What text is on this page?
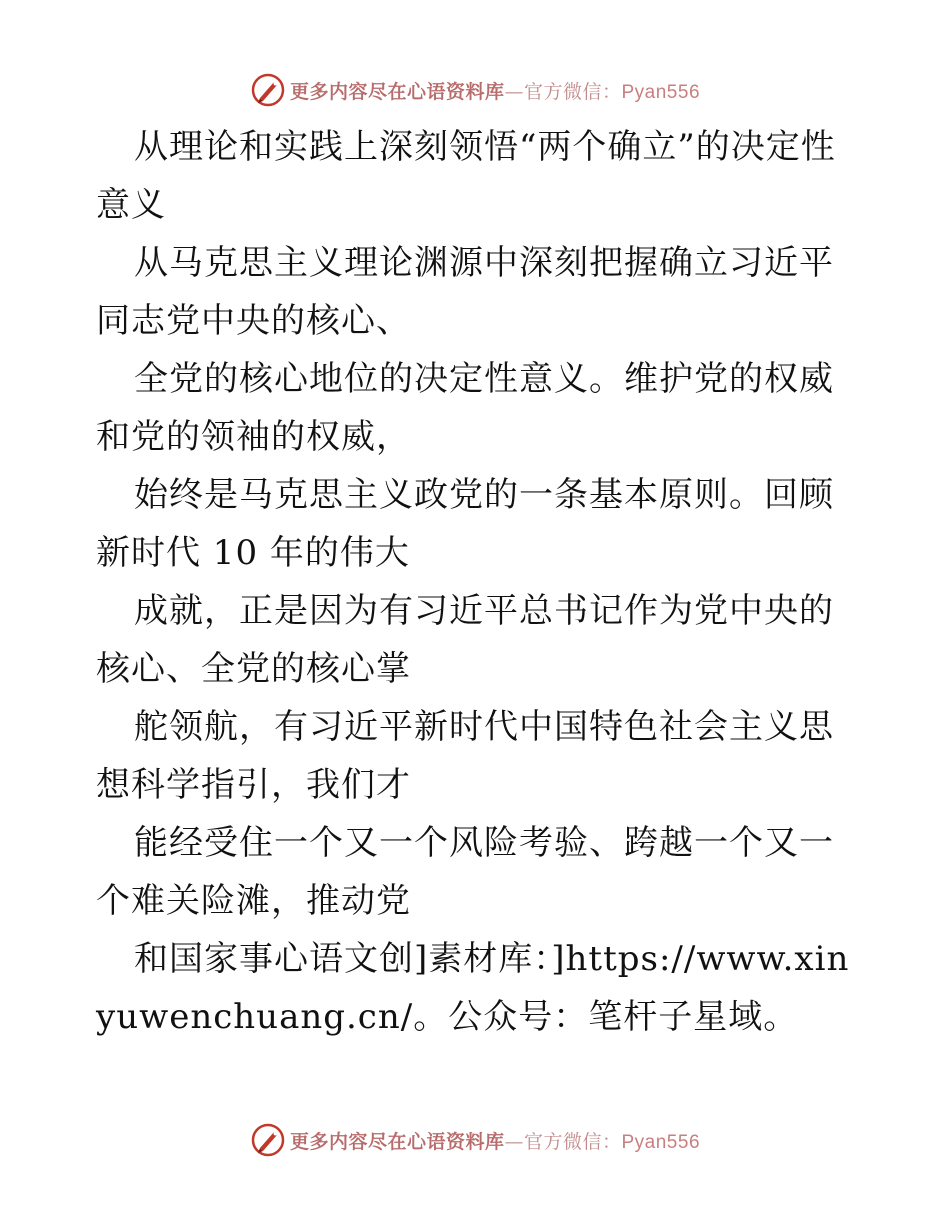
更多内容尽在心语资料库—官方微信：Pyan556

从理论和实践上深刻领悟“两个确立”的决定性意义

从马克思主义理论渊源中深刻把握确立习近平同志党中央的核心、

全党的核心地位的决定性意义。维护党的权威和党的领袖的权威，

始终是马克思主义政党的一条基本原则。回顾新时代 10 年的伟大

成就，正是因为有习近平总书记作为党中央的核心、全党的核心掌

舵领航，有习近平新时代中国特色社会主义思想科学指引，我们才

能经受住一个又一个风险考验、跨越一个又一个难关险滩，推动党

和国家事心语文创]素材库：]https://www.xinyuwenchuang.cn/。公众号：笔杆子星域。

更多内容尽在心语资料库—官方微信：Pyan556
